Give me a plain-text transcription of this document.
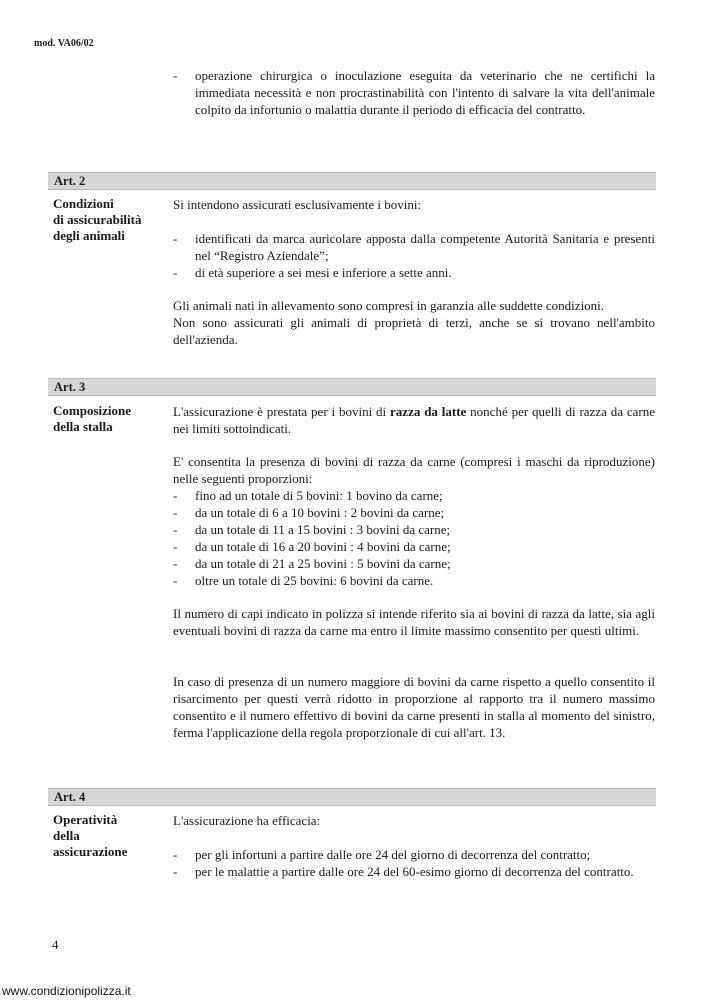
mod. VA06/02
- operazione chirurgica o inoculazione eseguita da veterinario che ne certifichi la immediata necessità e non procrastinabilità con l'intento di salvare la vita dell'animale colpito da infortunio o malattia durante il periodo di efficacia del contratto.
Art. 2
Condizioni
di assicurabilità
degli animali
Si intendono assicurati esclusivamente i bovini:
- identificati da marca auricolare apposta dalla competente Autorità Sanitaria e presenti nel “Registro Aziendale”;
- di età superiore a sei mesi e inferiore a sette anni.
Gli animali nati in allevamento sono compresi in garanzia alle suddette condizioni.
Non sono assicurati gli animali di proprietà di terzi, anche se si trovano nell'ambito dell'azienda.
Art. 3
Composizione
della stalla
L'assicurazione è prestata per i bovini di razza da latte nonché per quelli di razza da carne nei limiti sottoindicati.
E' consentita la presenza di bovini di razza da carne (compresi i maschi da riproduzione) nelle seguenti proporzioni:
- fino ad un totale di 5 bovini: 1 bovino da carne;
- da un totale di 6 a 10 bovini : 2 bovini da carne;
- da un totale di 11 a 15 bovini : 3 bovini da carne;
- da un totale di 16 a 20 bovini : 4 bovini da carne;
- da un totale di 21 a 25 bovini : 5 bovini da carne;
- oltre un totale di 25 bovini: 6 bovini da carne.
Il numero di capi indicato in polizza si intende riferito sia ai bovini di razza da latte, sia agli eventuali bovini di razza da carne ma entro il limite massimo consentito per questi ultimi.
In caso di presenza di un numero maggiore di bovini da carne rispetto a quello consentito il risarcimento per questi verrà ridotto in proporzione al rapporto tra il numero massimo consentito e il numero effettivo di bovini da carne presenti in stalla al momento del sinistro, ferma l'applicazione della regola proporzionale di cui all'art. 13.
Art. 4
Operatività
della
assicurazione
L'assicurazione ha efficacia:
- per gli infortuni a partire dalle ore 24 del giorno di decorrenza del contratto;
- per le malattie a partire dalle ore 24 del 60-esimo giorno di decorrenza del contratto.
4
www.condizionipolizza.it
